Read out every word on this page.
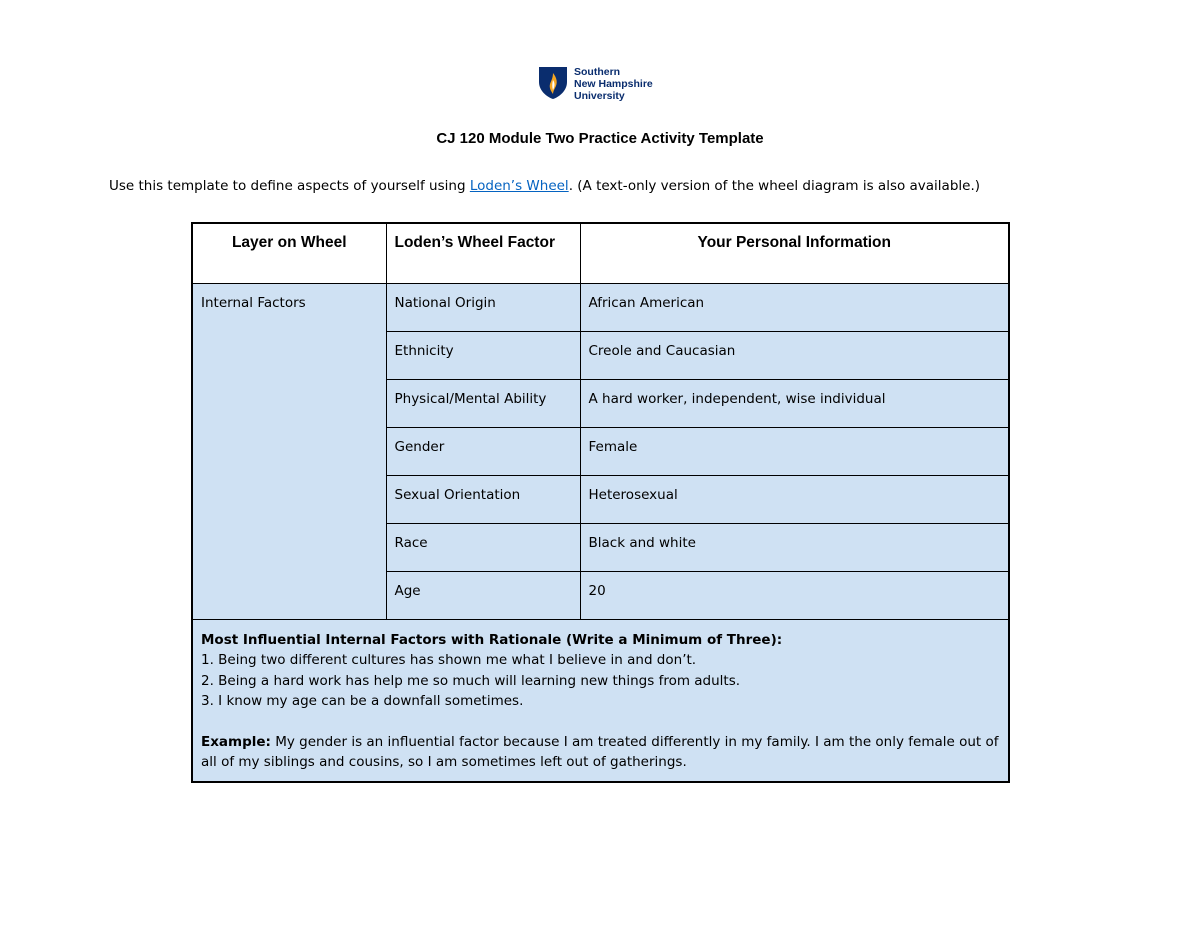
Southern
New Hampshire
University
CJ 120 Module Two Practice Activity Template
Use this template to define aspects of yourself using Loden’s Wheel. (A text-only version of the wheel diagram is also available.)
Layer on Wheel	Loden’s Wheel Factor	Your Personal Information
Internal Factors	National Origin	African American
	Ethnicity	Creole and Caucasian
	Physical/Mental Ability	A hard worker, independent, wise individual
	Gender	Female
	Sexual Orientation	Heterosexual
	Race	Black and white
	Age	20

Most Influential Internal Factors with Rationale (Write a Minimum of Three):
1. Being two different cultures has shown me what I believe in and don’t.
2. Being a hard work has help me so much will learning new things from adults.
3. I know my age can be a downfall sometimes.
Example: My gender is an influential factor because I am treated differently in my family. I am the only female out of all of my siblings and cousins, so I am sometimes left out of gatherings.		
